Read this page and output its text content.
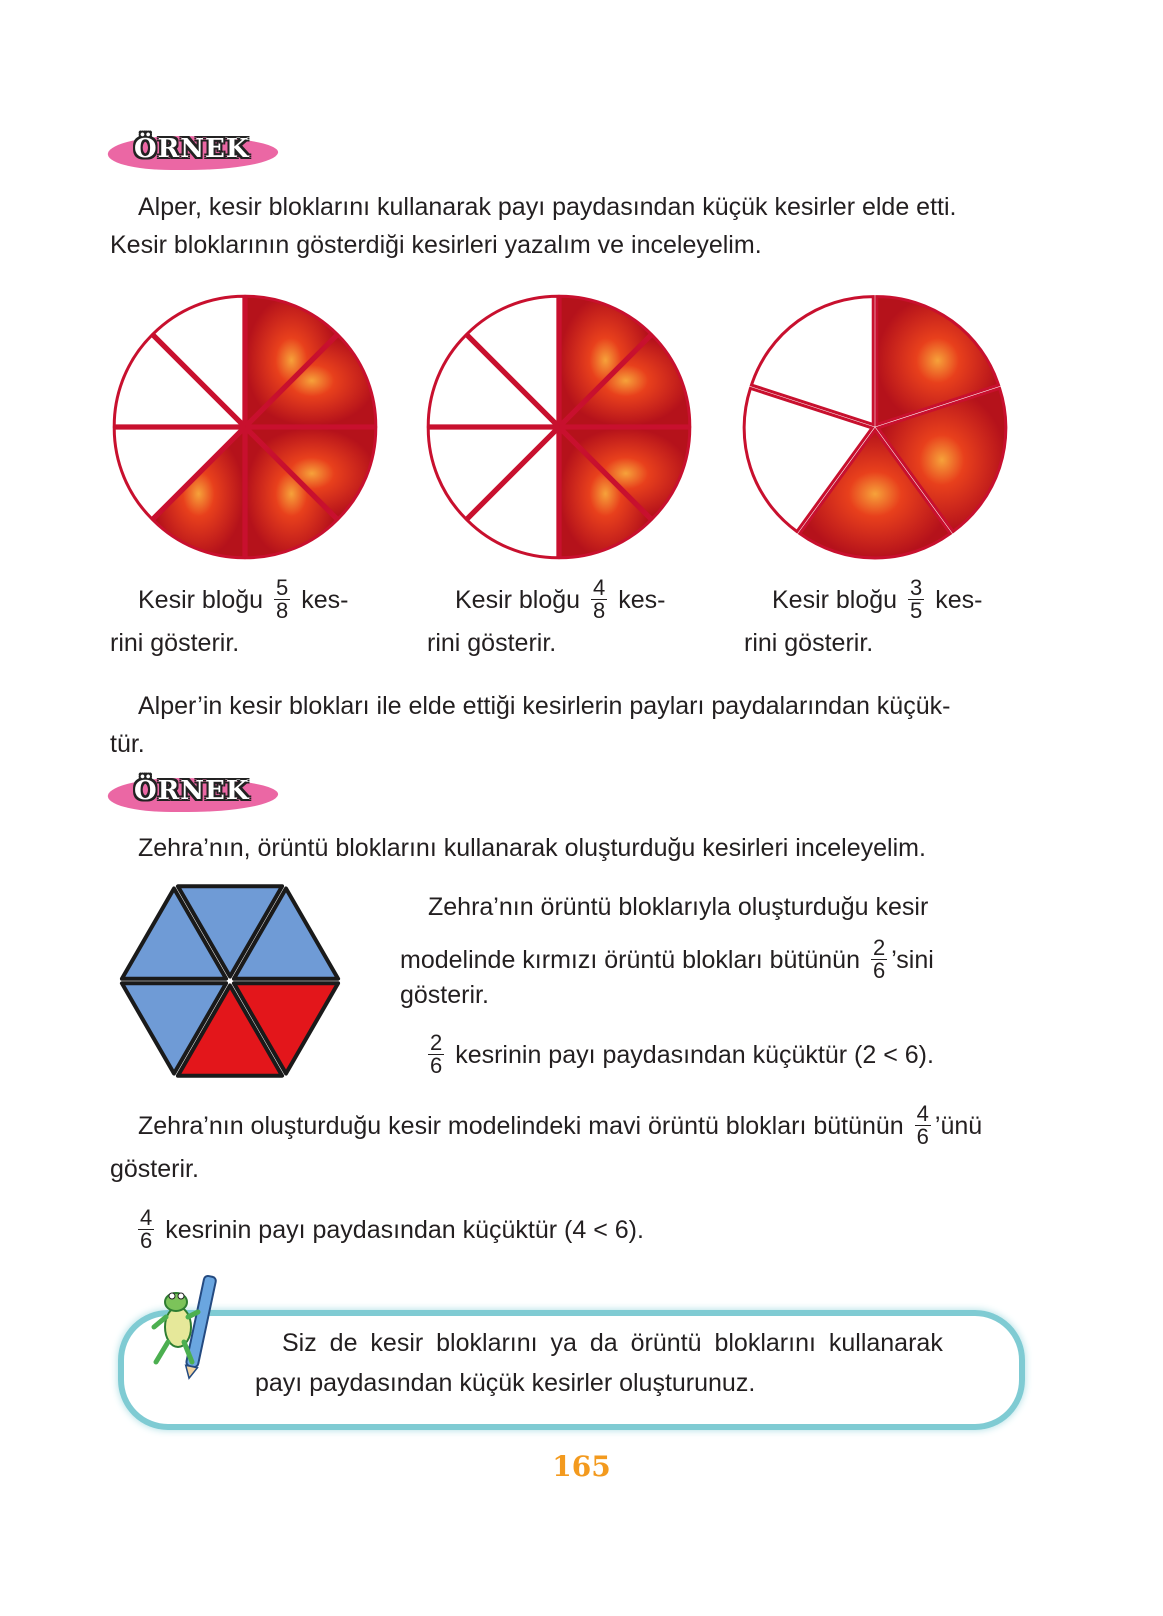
ÖRNEK
Alper, kesir bloklarını kullanarak payı paydasından küçük kesirler elde etti.
Kesir bloklarının gösterdiği kesirleri yazalım ve inceleyelim.
Kesir bloğu $\frac{5}{8} kes-$
rini gösterir.
Kesir bloğu $\frac{4}{8} kes-$
rini gösterir.
Kesir bloğu $\frac{3}{5} kes-$
rini gösterir.
Alper’in kesir blokları ile elde ettiği kesirlerin payları paydalarından küçük-
tür.
ÖRNEK
Zehra’nın, örüntü bloklarını kullanarak oluşturduğu kesirleri inceleyelim.
Zehra’nın örüntü bloklarıyla oluşturduğu kesir
modelinde kırmızı örüntü blokları bütünün $\frac{2}{6}$ ’sini
gösterir.
$\frac{2}{6}$ kesrinin payı paydasından küçüktür (2 < 6).
Zehra’nın oluşturduğu kesir modelindeki mavi örüntü blokları bütünün $\frac{4}{6}$ ’ünü
gösterir.
$\frac{4}{6}$ kesrinin payı paydasından küçüktür (4 < 6).
Siz de kesir bloklarını ya da örüntü bloklarını kullanarak
payı paydasından küçük kesirler oluşturunuz.
165
